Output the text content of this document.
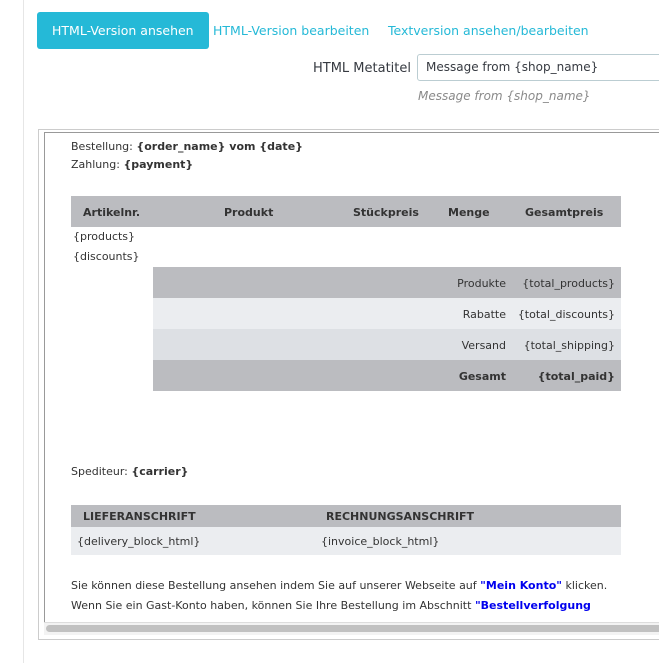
HTML-Version ansehen	HTML-Version bearbeiten Textversion ansehen/bearbeiten
HTML Metatitel	Message from {shop_name}
Message from {shop_name}
Bestellung: {order_name} vom {date}
Zahlung: {payment}
Artikelnr.	Produkt	Stückpreis	Menge	Gesamtpreis
{products}
{discounts}
Produkte {total_products}
Rabatte {total_discounts}
Versand {total_shipping}
Gesamt	{total_paid}
Spediteur: {carrier}
LIEFERANSCHRIFT	RECHNUNGSANSCHRIFT
{delivery_block_html}	{invoice_block_html}
Sie können diese Bestellung ansehen indem Sie auf unserer Webseite auf "Mein Konto" klicken.
Wenn Sie ein Gast-Konto haben, können Sie Ihre Bestellung im Abschnitt "Bestellverfolgung
